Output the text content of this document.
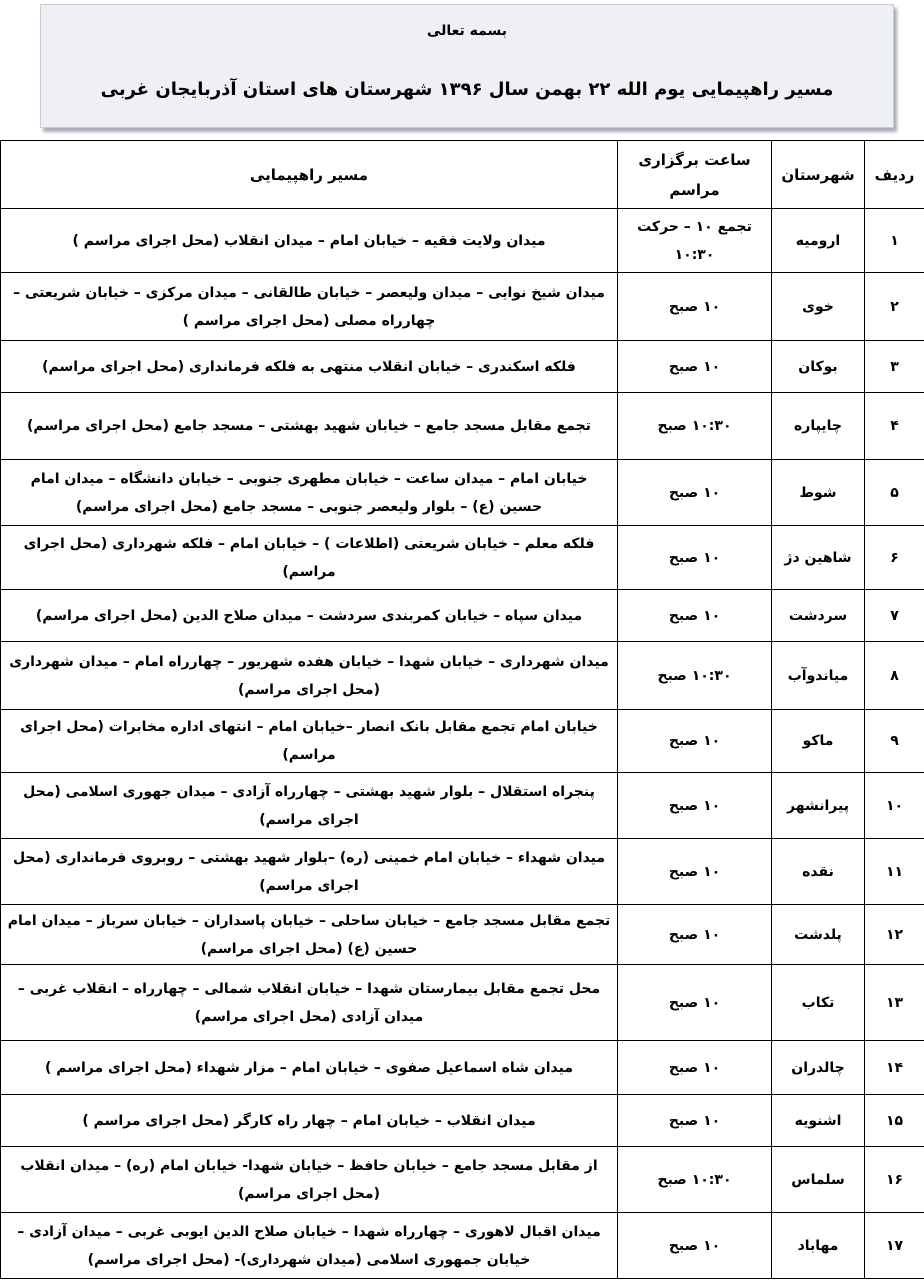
بسمه تعالی
مسیر راهپیمایی یوم الله ۲۲ بهمن سال ۱۳۹۶ شهرستان های استان آذربایجان غربی
ردیف	شهرستان	ساعت برگزاری مراسم	مسیر راهپیمایی
۱	ارومیه	تجمع ۱۰ – حرکت ۱۰:۳۰	میدان ولایت فقیه – خیابان امام – میدان انقلاب (محل اجرای مراسم )
۲	خوی	۱۰ صبح	میدان شیخ نوایی – میدان ولیعصر – خیابان طالقانی – میدان مرکزی – خیابان شریعتی – چهارراه مصلی (محل اجرای مراسم )
۳	بوکان	۱۰ صبح	فلکه اسکندری – خیابان انقلاب منتهی به فلکه فرمانداری (محل اجرای مراسم)
۴	چایپاره	۱۰:۳۰ صبح	تجمع مقابل مسجد جامع – خیابان شهید بهشتی – مسجد جامع (محل اجرای مراسم)
۵	شوط	۱۰ صبح	خیابان امام – میدان ساعت – خیابان مطهری جنوبی – خیابان دانشگاه – میدان امام حسین (ع) – بلوار ولیعصر جنوبی – مسجد جامع (محل اجرای مراسم)
۶	شاهین دژ	۱۰ صبح	فلکه معلم – خیابان شریعتی (اطلاعات ) – خیابان امام – فلکه شهرداری (محل اجرای مراسم)
۷	سردشت	۱۰ صبح	میدان سپاه – خیابان کمربندی سردشت – میدان صلاح الدین (محل اجرای مراسم)
۸	میاندوآب	۱۰:۳۰ صبح	میدان شهرداری – خیابان شهدا – خیابان هفده شهریور – چهارراه امام – میدان شهرداری (محل اجرای مراسم)
۹	ماکو	۱۰ صبح	خیابان امام تجمع مقابل بانک انصار –خیابان امام – انتهای اداره مخابرات (محل اجرای مراسم)
۱۰	پیرانشهر	۱۰ صبح	پنجراه استقلال – بلوار شهید بهشتی – چهارراه آزادی – میدان جهوری اسلامی (محل اجرای مراسم)
۱۱	نقده	۱۰ صبح	میدان شهداء – خیابان امام خمینی (ره) –بلوار شهید بهشتی – روبروی فرمانداری (محل اجرای مراسم)
۱۲	پلدشت	۱۰ صبح	تجمع مقابل مسجد جامع – خیابان ساحلی – خیابان پاسداران – خیابان سرباز – میدان امام حسین (ع) (محل اجرای مراسم)
۱۳	تکاب	۱۰ صبح	محل تجمع مقابل بیمارستان شهدا – خیابان انقلاب شمالی – چهارراه – انقلاب غربی – میدان آزادی (محل اجرای مراسم)
۱۴	چالدران	۱۰ صبح	میدان شاه اسماعیل صفوی – خیابان امام – مزار شهداء (محل اجرای مراسم )
۱۵	اشنویه	۱۰ صبح	میدان انقلاب – خیابان امام – چهار راه کارگر (محل اجرای مراسم )
۱۶	سلماس	۱۰:۳۰ صبح	از مقابل مسجد جامع – خیابان حافظ – خیابان شهدا- خیابان امام (ره) – میدان انقلاب (محل اجرای مراسم)
۱۷	مهاباد	۱۰ صبح	میدان اقبال لاهوری – چهارراه شهدا – خیابان صلاح الدین ایوبی غربی – میدان آزادی – خیابان جمهوری اسلامی (میدان شهرداری)- (محل اجرای مراسم)
